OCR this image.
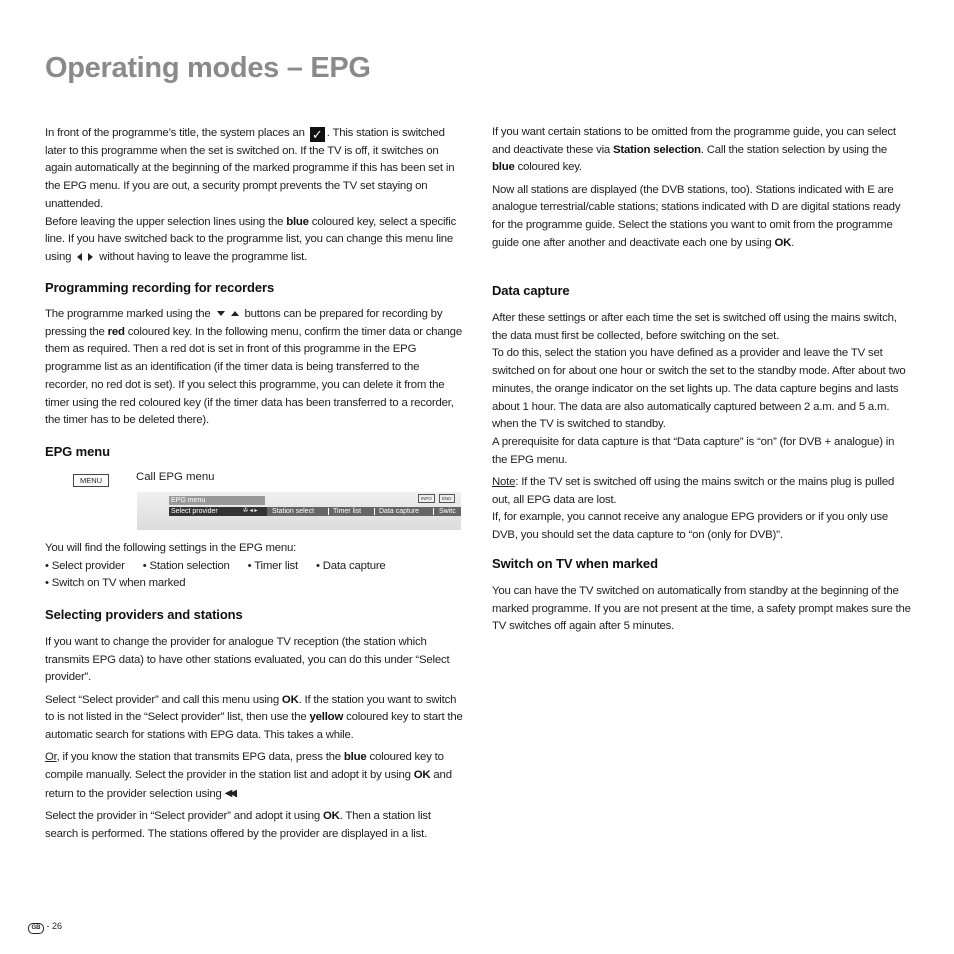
Operating modes – EPG

In front of the programme’s title, the system places an ✓ . This station is switched later to this programme when the set is switched on. If the TV is off, it switches on again automatically at the beginning of the marked programme if this has been set in the EPG menu. If you are out, a security prompt prevents the TV set staying on unattended.

Before leaving the upper selection lines using the blue coloured key, select a specific line. If you have switched back to the programme list, you can change this menu line using without having to leave the programme list.

Programming recording for recorders

The programme marked using the	buttons can be prepared for recording by pressing the red coloured key. In the following menu, confirm the timer data or change them as required. Then a red dot is set in front of this programme in the EPG programme list as an identification (if the timer data is being transferred to the recorder, no red dot is set). If you select this programme, you can delete it from the timer using the red coloured key (if the timer data has been transferred to a recorder, the timer has to be deleted there).

EPG menu
MENU	Call EPG menu
EPG menu	INFO	END
Select provider	✇ ◂ ▸	Station select	Timer list	Data capture	Switc

You will find the following settings in the EPG menu:

• Select provider • Station selection • Timer list • Data capture

• Switch on TV when marked

Selecting providers and stations

If you want to change the provider for analogue TV reception (the station which transmits EPG data) to have other stations evaluated, you can do this under “Select provider”.

Select “Select provider” and call this menu using OK. If the station you want to switch to is not listed in the “Select provider” list, then use the yellow coloured key to start the automatic search for stations with EPG data. This takes a while.

Or, if you know the station that transmits EPG data, press the blue coloured key to compile manually. Select the provider in the station list and adopt it by using OK and return to the provider selection using ◀◀.

Select the provider in “Select provider” and adopt it using OK. Then a station list search is performed. The stations offered by the provider are displayed in a list.

If you want certain stations to be omitted from the programme guide, you can select and deactivate these via Station selection. Call the station selection by using the blue coloured key.

Now all stations are displayed (the DVB stations, too). Stations indicated with E are analogue terrestrial/cable stations; stations indicated with D are digital stations ready for the programme guide. Select the stations you want to omit from the programme guide one after another and deactivate each one by using OK.

Data capture

After these settings or after each time the set is switched off using the mains switch, the data must first be collected, before switching on the set.

To do this, select the station you have defined as a provider and leave the TV set switched on for about one hour or switch the set to the standby mode. After about two minutes, the orange indicator on the set lights up. The data capture begins and lasts about 1 hour. The data are also automatically captured between 2 a.m. and 5 a.m. when the TV is switched to standby.

A prerequisite for data capture is that “Data capture” is “on” (for DVB + analogue) in the EPG menu.

Note: If the TV set is switched off using the mains switch or the mains plug is pulled out, all EPG data are lost.

If, for example, you cannot receive any analogue EPG providers or if you only use DVB, you should set the data capture to “on (only for DVB)".

Switch on TV when marked

You can have the TV switched on automatically from standby at the beginning of the marked programme. If you are not present at the time, a safety prompt makes sure the TV switches off again after 5 minutes.

GB - 26
